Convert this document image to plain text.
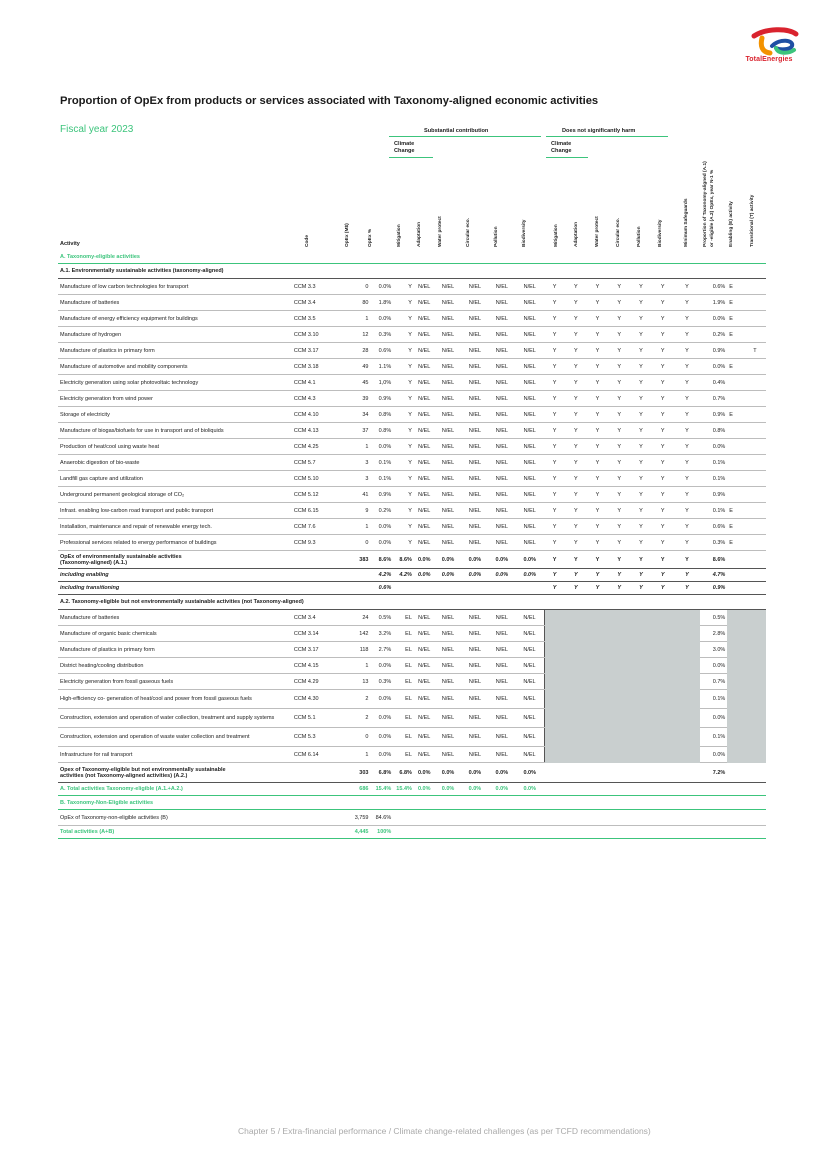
TotalEnergies
Proportion of OpEx from products or services associated with Taxonomy-aligned economic activities
Fiscal year 2023	Substantial contribution	Does not significantly harm
Climate Change
Climate Change
Activity	Code	OpEx (M$)	OpEx %	Mitigation	Adaptation	Water protect	Circular eco.	Pollution	Biodiversity	Mitigation	Adaptation	Water protect	Circular eco.	Pollution	Biodiversity	Minimum Safeguards	Proportion of Taxonomy-aligned (A.1) or -eligible (A.2) OpEx, year N-1 %	Enabling (E) activity	Transitional (T) activity
A. Taxonomy-eligible activities																			
A.1. Environmentally sustainable activities (taxonomy-aligned)																			
Manufacture of low carbon technologies for transport	CCM 3.3	0	0.0%	Y	N/EL	N/EL	N/EL	N/EL	N/EL	Y	Y	Y	Y	Y	Y	Y	0.6%	E	
Manufacture of batteries	CCM 3.4	80	1.8%	Y	N/EL	N/EL	N/EL	N/EL	N/EL	Y	Y	Y	Y	Y	Y	Y	1.9%	E	
Manufacture of energy efficiency equipment for buildings	CCM 3.5	1	0.0%	Y	N/EL	N/EL	N/EL	N/EL	N/EL	Y	Y	Y	Y	Y	Y	Y	0.0%	E	
Manufacture of hydrogen	CCM 3.10	12	0.3%	Y	N/EL	N/EL	N/EL	N/EL	N/EL	Y	Y	Y	Y	Y	Y	Y	0.2%	E	
Manufacture of plastics in primary form	CCM 3.17	28	0.6%	Y	N/EL	N/EL	N/EL	N/EL	N/EL	Y	Y	Y	Y	Y	Y	Y	0.9%		T
Manufacture of automotive and mobility components	CCM 3.18	49	1.1%	Y	N/EL	N/EL	N/EL	N/EL	N/EL	Y	Y	Y	Y	Y	Y	Y	0.0%	E	
Electricity generation using solar photovoltaic technology	CCM 4.1	45	1,0%	Y	N/EL	N/EL	N/EL	N/EL	N/EL	Y	Y	Y	Y	Y	Y	Y	0.4%		
Electricity generation from wind power	CCM 4.3	39	0.9%	Y	N/EL	N/EL	N/EL	N/EL	N/EL	Y	Y	Y	Y	Y	Y	Y	0.7%		
Storage of electricity	CCM 4.10	34	0.8%	Y	N/EL	N/EL	N/EL	N/EL	N/EL	Y	Y	Y	Y	Y	Y	Y	0.9%	E	
Manufacture of biogas/biofuels for use in transport and of bioliquids	CCM 4.13	37	0.8%	Y	N/EL	N/EL	N/EL	N/EL	N/EL	Y	Y	Y	Y	Y	Y	Y	0.8%		
Production of heat/cool using waste heat	CCM 4.25	1	0.0%	Y	N/EL	N/EL	N/EL	N/EL	N/EL	Y	Y	Y	Y	Y	Y	Y	0.0%		
Anaerobic digestion of bio-waste	CCM 5.7	3	0.1%	Y	N/EL	N/EL	N/EL	N/EL	N/EL	Y	Y	Y	Y	Y	Y	Y	0.1%		
Landfill gas capture and utilization	CCM 5.10	3	0.1%	Y	N/EL	N/EL	N/EL	N/EL	N/EL	Y	Y	Y	Y	Y	Y	Y	0.1%		
Underground permanent geological storage of CO₂	CCM 5.12	41	0.9%	Y	N/EL	N/EL	N/EL	N/EL	N/EL	Y	Y	Y	Y	Y	Y	Y	0.9%		
Infrast. enabling low-carbon road transport and public transport	CCM 6.15	9	0.2%	Y	N/EL	N/EL	N/EL	N/EL	N/EL	Y	Y	Y	Y	Y	Y	Y	0.1%	E	
Installation, maintenance and repair of renewable energy tech.	CCM 7.6	1	0.0%	Y	N/EL	N/EL	N/EL	N/EL	N/EL	Y	Y	Y	Y	Y	Y	Y	0.6%	E	
Professional services related to energy performance of buildings	CCM 9.3	0	0.0%	Y	N/EL	N/EL	N/EL	N/EL	N/EL	Y	Y	Y	Y	Y	Y	Y	0.3%	E	

OpEx of environmentally sustainable activities
(Taxonomy-aligned) (A.1.)		383	8.6%	8.6%	0.0%	0.0%	0.0%	0.0%	0.0%	Y	Y	Y	Y	Y	Y	Y	8.6%		
including enabling			4.2%	4.2%	0.0%	0.0%	0.0%	0.0%	0.0%	Y	Y	Y	Y	Y	Y	Y	4.7%		
including transitioning			0.6%							Y	Y	Y	Y	Y	Y	Y	0.9%		
A.2. Taxonomy-eligible but not environmentally sustainable activities (not Taxonomy-aligned)																			
Manufacture of batteries	CCM 3.4	24	0.5%	EL	N/EL	N/EL	N/EL	N/EL	N/EL								0.5%		
Manufacture of organic basic chemicals	CCM 3.14	142	3.2%	EL	N/EL	N/EL	N/EL	N/EL	N/EL								2.8%		
Manufacture of plastics in primary form	CCM 3.17	118	2.7%	EL	N/EL	N/EL	N/EL	N/EL	N/EL								3.0%		
District heating/cooling distribution	CCM 4.15	1	0.0%	EL	N/EL	N/EL	N/EL	N/EL	N/EL								0.0%		
Electricity generation from fossil gaseous fuels	CCM 4.29	13	0.3%	EL	N/EL	N/EL	N/EL	N/EL	N/EL								0.7%		
High-efficiency co- generation of heat/cool and power from fossil gaseous fuels	CCM 4.30	2	0.0%	EL	N/EL	N/EL	N/EL	N/EL	N/EL								0.1%		
Construction, extension and operation of water collection, treatment and supply systems	CCM 5.1	2	0.0%	EL	N/EL	N/EL	N/EL	N/EL	N/EL								0.0%		
Construction, extension and operation of waste water collection and treatment	CCM 5.3	0	0.0%	EL	N/EL	N/EL	N/EL	N/EL	N/EL								0.1%		
Infrastructure for rail transport	CCM 6.14	1	0.0%	EL	N/EL	N/EL	N/EL	N/EL	N/EL								0.0%		

Opex of Taxonomy-eligible but not environmentally sustainable
activities (not Taxonomy-aligned activities) (A.2.)		303	6.8%	6.8%	0.0%	0.0%	0.0%	0.0%	0.0%								7.2%		
A. Total activities Taxonomy-eligible (A.1.+A.2.)		686	15.4%	15.4%	0.0%	0.0%	0.0%	0.0%	0.0%										
B. Taxonomy-Non-Eligible activities																			
OpEx of Taxonomy-non-eligible activities (B)		3,759	84.6%																
Total activities (A+B)		4,445	100%																
Chapter 5 / Extra-financial performance / Climate change-related challenges (as per TCFD recommendations)
